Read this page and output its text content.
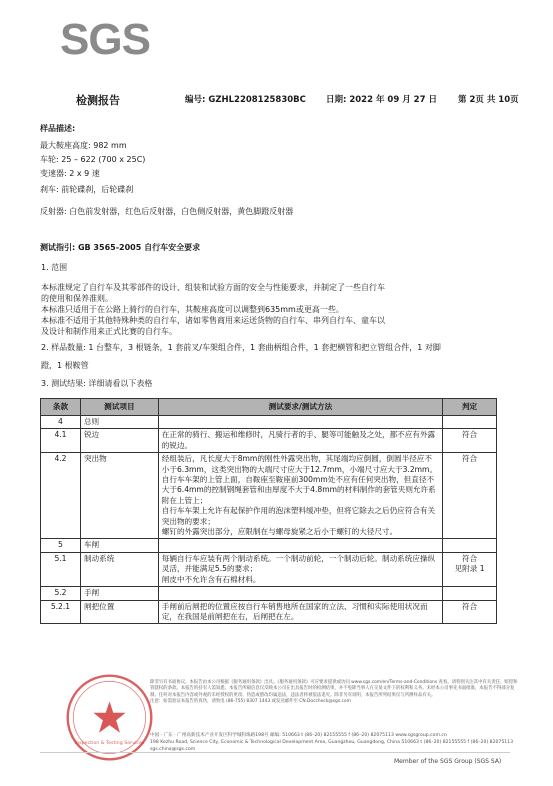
SGS
检测报告	编号: GZHL2208125830BC 日期: 2022 年 09 月 27 日 第 2页 共 10页
样品描述:
最大鞍座高度: 982 mm
车轮: 25 – 622 (700 x 25C)
变速器: 2 x 9 速
刹车: 前轮碟刹，后轮碟刹
反射器: 白色前发射器，红色后反射器，白色侧反射器，黄色脚蹬反射器
测试指引: GB 3565-2005 自行车安全要求
1. 范围
本标准规定了自行车及其零部件的设计、组装和试验方面的安全与性能要求，并制定了一些自行车
的使用和保养准则。
本标准只适用于在公路上骑行的自行车，其鞍座高度可以调整到635mm或更高一些。
本标准不适用于其他特殊种类的自行车，诸如零售商用来运送货物的自行车、串列自行车、童车以
及设计和制作用来正式比赛的自行车。
2. 样品数量: 1 台整车，3 根链条，1 套前叉/车架组合件，1 套曲柄组合件，1 套把横管和把立管组合件，1 对脚
蹬，1 根鞍管
3. 测试结果: 详细请看以下表格
条款	测试项目	测试要求/测试方法	判定
4	总则		
4.1	锐边	在正常的骑行、搬运和维修时，凡骑行者的手、腿等可能触及之处，都不应有外露的锐边。	符合
4.2	突出物	经组装后，凡长度大于8mm的刚性外露突出物，其尾端均应倒圆，倒圆半径应不小于6.3mm，这类突出物的大端尺寸应大于12.7mm，小端尺寸应大于3.2mm。
自行车车架的上管上面，自鞍座至鞍座前300mm处不应有任何突出物，但直径不大于6.4mm的控制钢绳套管和由厚度不大于4.8mm的材料制作的套管夹则允许系附在上管上；
自行车车架上允许有起保护作用的泡沫塑料缓冲垫，但将它除去之后仍应符合有关突出物的要求；
螺钉的外露突出部分，应限制在与螺母旋紧之后小于螺钉的大径尺寸。	符合
5	车闸		
5.1	制动系统	每辆自行车应装有两个制动系统。一个制动前轮，一个制动后轮。制动系统应操纵灵活，并能满足5.5的要求；
闸皮中不允许含有石棉材料。	符合
见附录 1
5.2	手闸		
5.2.1	闸把位置	手闸前后闸把的位置应按自行车销售地所在国家的立法、习惯和实际使用状况而定，在我国是前闸把在右，后闸把在左。	符合
Inspection & Testing Services
除非另有书面协议，本报告由本公司根据《服务通用条款》出具。《服务通用条款》可应要求提供或访问 www.sgs.com/en/Terms-and-Conditions 查看。请特别关注其中有关责任、赔偿和管辖权的条款。本报告的持有人需知悉，本报告所载信息仅反映本公司在出具报告时的检测结果，并不免除当事人在交易文件下的权利和义务。未经本公司事先书面批准，本报告不得部分复制。任何对本报告内容或外观的未经授权的更改、伪造或篡改均属违法，违法者将被依法追究。除非另有说明，本报告所列结果仅与所测样品有关。
注意：如需验证本报告的真伪，请致电 (86-755) 8307 1443 或发送邮件至 CN.Doccheck@sgs.com
中国 · 广东 · 广州高新技术产业开发区科学城科珠路198号 邮编: 510663 t (86–20) 82155555 f (86–20) 82075113 www.sgsgroup.com.cn
198 Kezhu Road, Science City, Economic & Technological Development Area, Guangzhou, Guangdong, China 510663 t (86–20) 82155555 f (86–20) 82075113 sgs.china@sgs.com
Member of the SGS Group (SGS SA)
